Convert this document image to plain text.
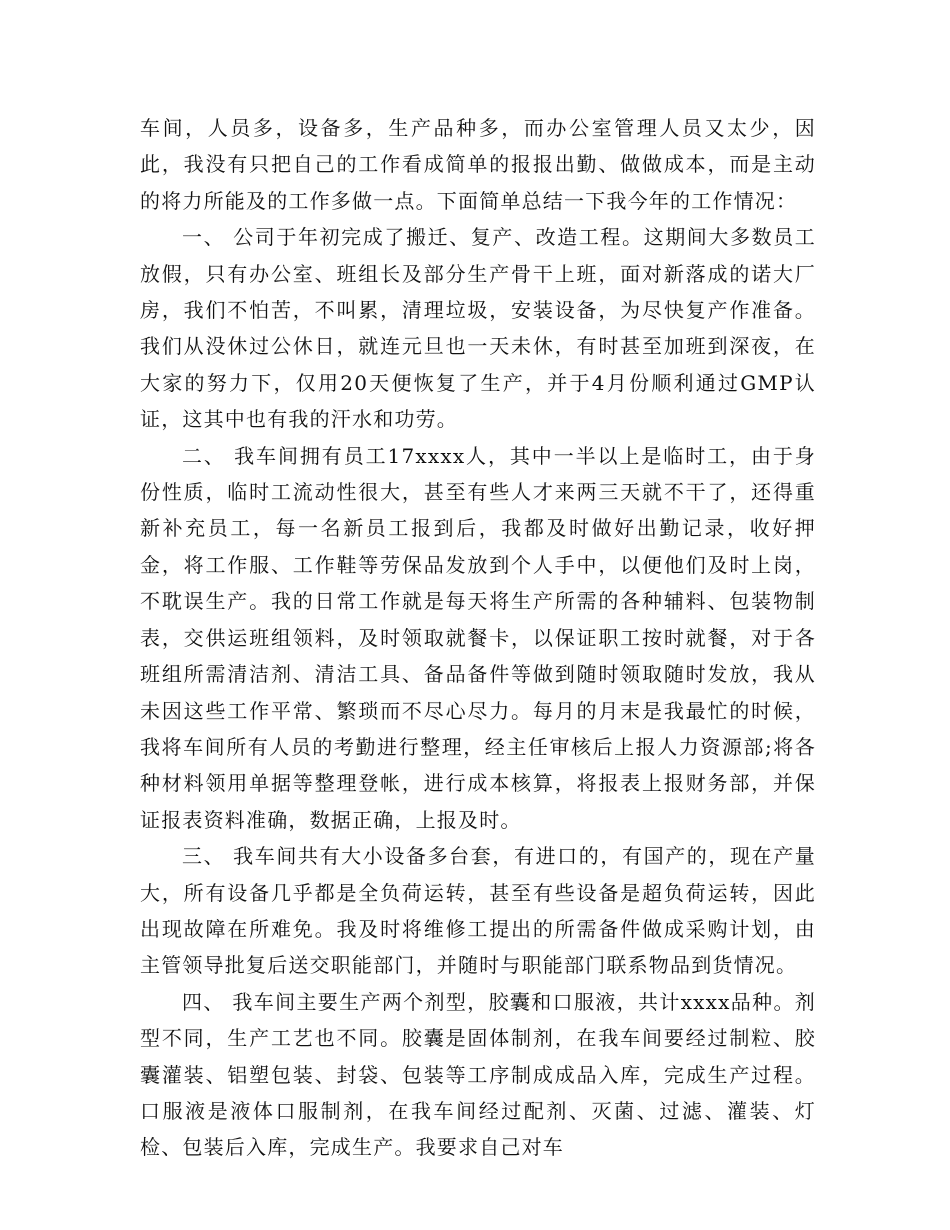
车间，人员多，设备多，生产品种多，而办公室管理人员又太少，因此，我没有只把自己的工作看成简单的报报出勤、做做成本，而是主动的将力所能及的工作多做一点。下面简单总结一下我今年的工作情况：

一、 公司于年初完成了搬迁、复产、改造工程。这期间大多数员工放假，只有办公室、班组长及部分生产骨干上班，面对新落成的诺大厂房，我们不怕苦，不叫累，清理垃圾，安装设备，为尽快复产作准备。我们从没休过公休日，就连元旦也一天未休，有时甚至加班到深夜，在大家的努力下，仅用20天便恢复了生产，并于4月份顺利通过GMP认证，这其中也有我的汗水和功劳。

二、 我车间拥有员工17xxxx人，其中一半以上是临时工，由于身份性质，临时工流动性很大，甚至有些人才来两三天就不干了，还得重新补充员工，每一名新员工报到后，我都及时做好出勤记录，收好押金，将工作服、工作鞋等劳保品发放到个人手中，以便他们及时上岗，不耽误生产。我的日常工作就是每天将生产所需的各种辅料、包装物制表，交供运班组领料，及时领取就餐卡，以保证职工按时就餐，对于各班组所需清洁剂、清洁工具、备品备件等做到随时领取随时发放，我从未因这些工作平常、繁琐而不尽心尽力。每月的月末是我最忙的时候，我将车间所有人员的考勤进行整理，经主任审核后上报人力资源部;将各种材料领用单据等整理登帐，进行成本核算，将报表上报财务部，并保证报表资料准确，数据正确，上报及时。

三、 我车间共有大小设备多台套，有进口的，有国产的，现在产量大，所有设备几乎都是全负荷运转，甚至有些设备是超负荷运转，因此出现故障在所难免。我及时将维修工提出的所需备件做成采购计划，由主管领导批复后送交职能部门，并随时与职能部门联系物品到货情况。

四、 我车间主要生产两个剂型，胶囊和口服液，共计xxxx品种。剂型不同，生产工艺也不同。胶囊是固体制剂，在我车间要经过制粒、胶囊灌装、铝塑包装、封袋、包装等工序制成成品入库，完成生产过程。口服液是液体口服制剂，在我车间经过配剂、灭菌、过滤、灌装、灯检、包装后入库，完成生产。我要求自己对车
